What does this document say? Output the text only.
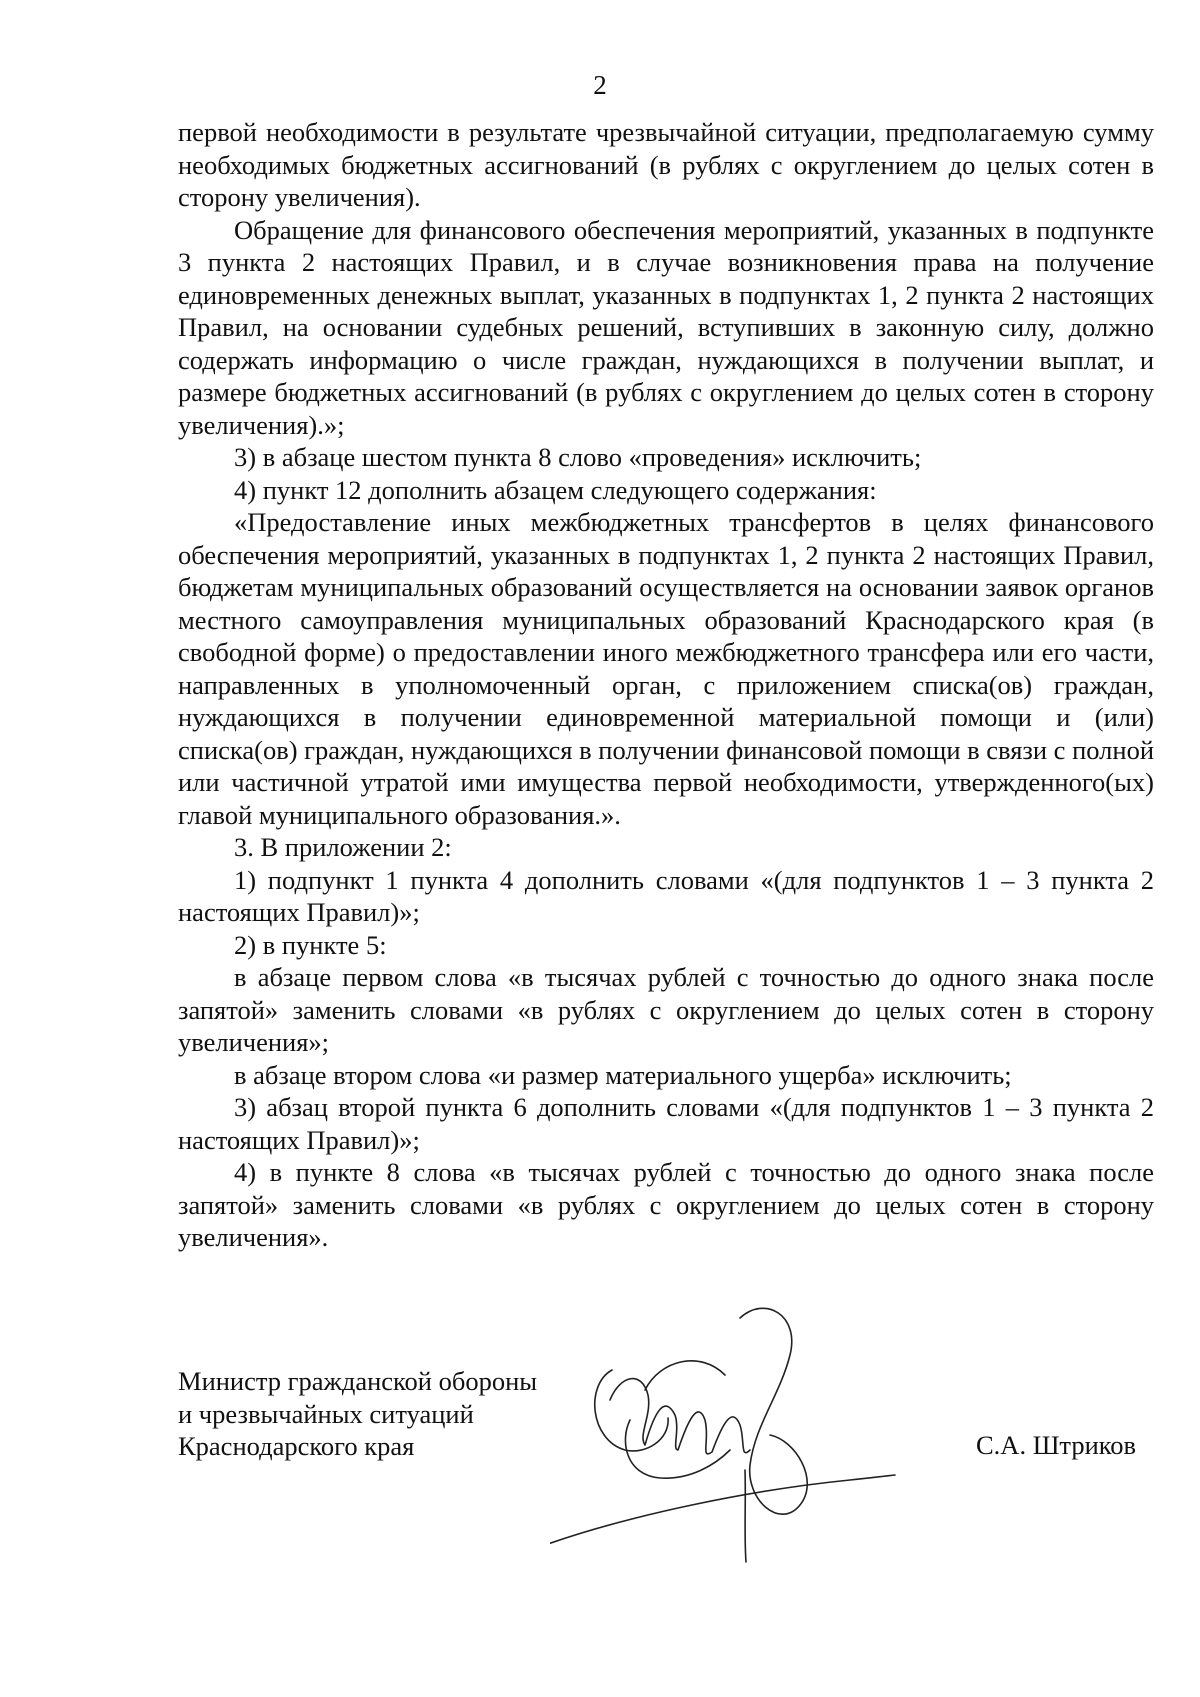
2

первой необходимости в результате чрезвычайной ситуации, предполагаемую сумму необходимых бюджетных ассигнований (в рублях с округлением до целых сотен в сторону увеличения).

Обращение для финансового обеспечения мероприятий, указанных в подпункте 3 пункта 2 настоящих Правил, и в случае возникновения права на получение единовременных денежных выплат, указанных в подпунктах 1, 2 пункта 2 настоящих Правил, на основании судебных решений, вступивших в законную силу, должно содержать информацию о числе граждан, нуждающихся в получении выплат, и размере бюджетных ассигнований (в рублях с округлением до целых сотен в сторону увеличения).»;

3) в абзаце шестом пункта 8 слово «проведения» исключить;

4) пункт 12 дополнить абзацем следующего содержания:

«Предоставление иных межбюджетных трансфертов в целях финансового обеспечения мероприятий, указанных в подпунктах 1, 2 пункта 2 настоящих Правил, бюджетам муниципальных образований осуществляется на основании заявок органов местного самоуправления муниципальных образований Краснодарского края (в свободной форме) о предоставлении иного межбюджетного трансфера или его части, направленных в уполномоченный орган, с приложением списка(ов) граждан, нуждающихся в получении единовременной материальной помощи и (или) списка(ов) граждан, нуждающихся в получении финансовой помощи в связи с полной или частичной утратой ими имущества первой необходимости, утвержденного(ых) главой муниципального образования.».

3. В приложении 2:

1) подпункт 1 пункта 4 дополнить словами «(для подпунктов 1 – 3 пункта 2 настоящих Правил)»;

2) в пункте 5:

в абзаце первом слова «в тысячах рублей с точностью до одного знака после запятой» заменить словами «в рублях с округлением до целых сотен в сторону увеличения»;

в абзаце втором слова «и размер материального ущерба» исключить;

3) абзац второй пункта 6 дополнить словами «(для подпунктов 1 – 3 пункта 2 настоящих Правил)»;

4) в пункте 8 слова «в тысячах рублей с точностью до одного знака после запятой» заменить словами «в рублях с округлением до целых сотен в сторону увеличения».

Министр гражданской обороны
и чрезвычайных ситуаций
Краснодарского края	С.А. Штриков
